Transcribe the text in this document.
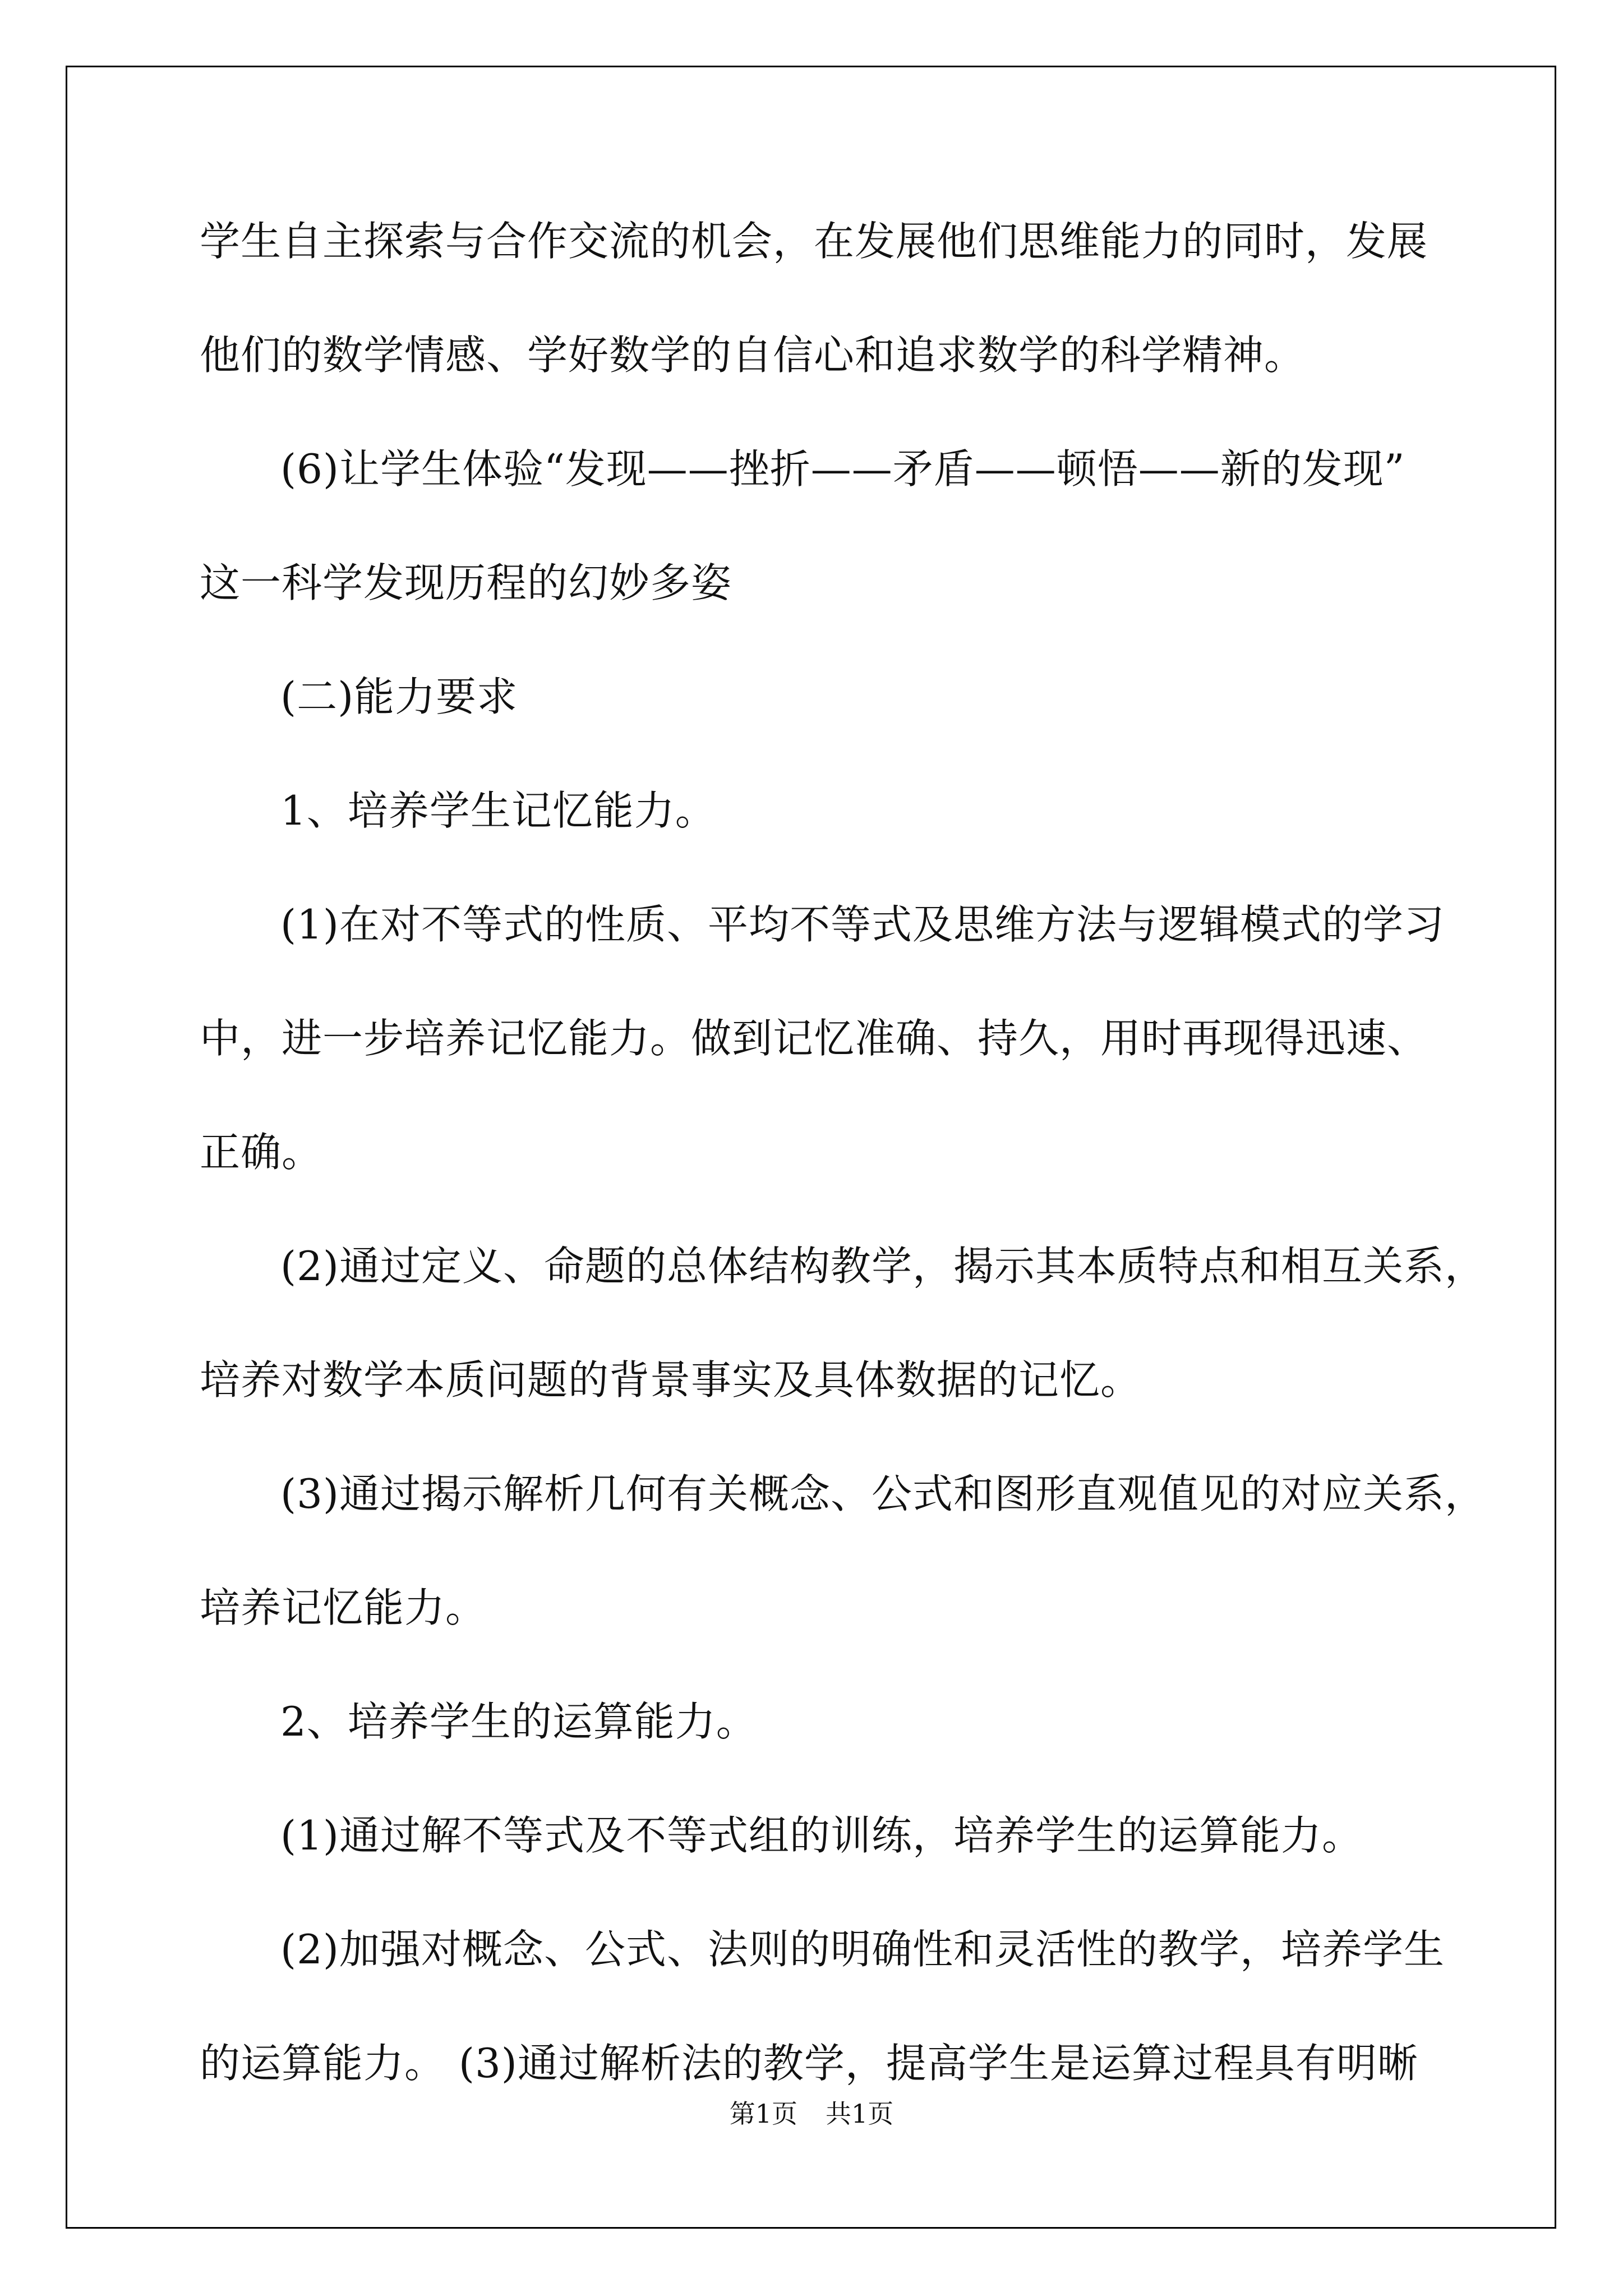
学生自主探索与合作交流的机会，在发展他们思维能力的同时，发展
他们的数学情感、学好数学的自信心和追求数学的科学精神。
(6)让学生体验“发现——挫折——矛盾——顿悟——新的发现”
这一科学发现历程的幻妙多姿
(二)能力要求
1、培养学生记忆能力。
(1)在对不等式的性质、平均不等式及思维方法与逻辑模式的学习
中，进一步培养记忆能力。做到记忆准确、持久，用时再现得迅速、
正确。
(2)通过定义、命题的总体结构教学，揭示其本质特点和相互关系，
培养对数学本质问题的背景事实及具体数据的记忆。
(3)通过揭示解析几何有关概念、公式和图形直观值见的对应关系，
培养记忆能力。
2、培养学生的运算能力。
(1)通过解不等式及不等式组的训练，培养学生的运算能力。
(2)加强对概念、公式、法则的明确性和灵活性的教学，培养学生
的运算能力。 (3)通过解析法的教学，提高学生是运算过程具有明晰
第1页 共1页
